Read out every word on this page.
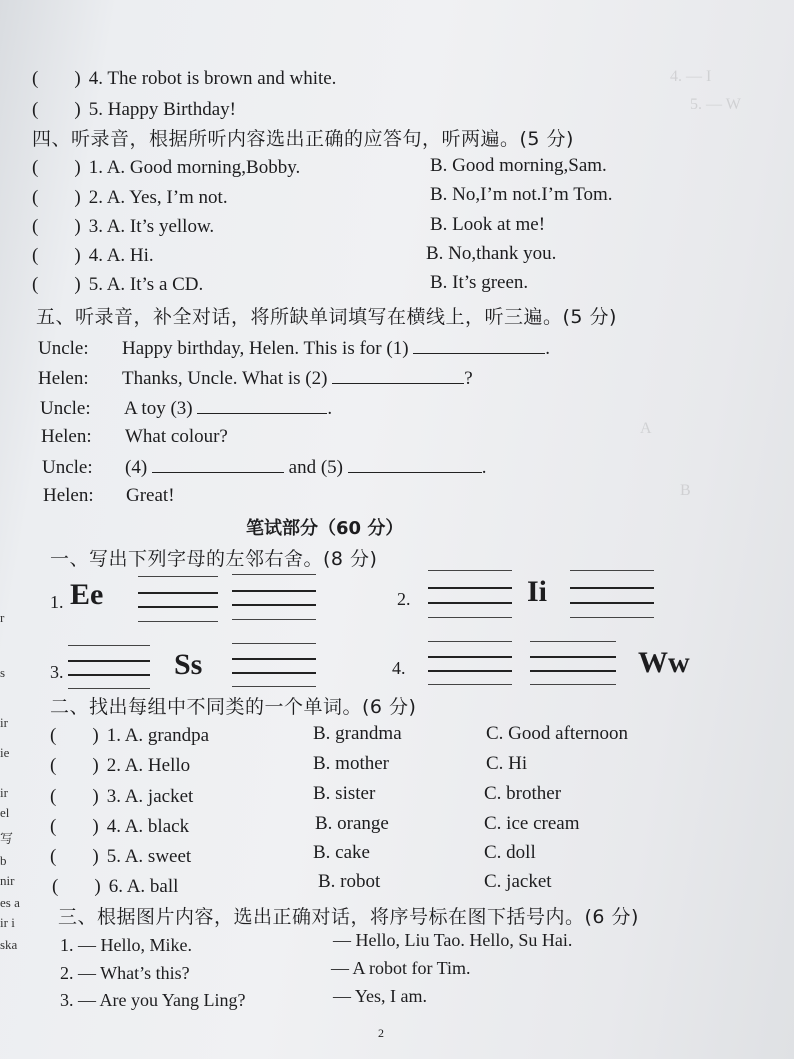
4. — I
5. — W
A
B
r
s
ir
ie
ir
el
写
b
nir
es a
ir i
ska
( ) 4. The robot is brown and white.
( ) 5. Happy Birthday!
四、听录音，根据所听内容选出正确的应答句，听两遍。(5 分)
( ) 1. A. Good morning,Bobby.	B. Good morning,Sam.
( ) 2. A. Yes, I’m not.	B. No,I’m not.I’m Tom.
( ) 3. A. It’s yellow.	B. Look at me!
( ) 4. A. Hi.	B. No,thank you.
( ) 5. A. It’s a CD.	B. It’s green.
五、听录音，补全对话，将所缺单词填写在横线上，听三遍。(5 分)
Uncle: Happy birthday, Helen. This is for (1)	.
Helen: Thanks, Uncle. What is (2)	?
Uncle: A toy (3)	.
Helen: What colour?
Uncle: (4)	and (5)	.
Helen: Great!
笔试部分（60 分）
一、写出下列字母的左邻右舍。(8 分)
1. Ee	2.	Ii
3.	Ss	4.	Ww
二、找出每组中不同类的一个单词。(6 分)
( ) 1. A. grandpa	B. grandma	C. Good afternoon
( ) 2. A. Hello	B. mother	C. Hi
( ) 3. A. jacket	B. sister	C. brother
( ) 4. A. black	B. orange	C. ice cream
( ) 5. A. sweet	B. cake	C. doll
( ) 6. A. ball	B. robot	C. jacket
三、根据图片内容，选出正确对话，将序号标在图下括号内。(6 分)
1. — Hello, Mike.	— Hello, Liu Tao. Hello, Su Hai.
2. — What’s this?	— A robot for Tim.
3. — Are you Yang Ling?	— Yes, I am.
2
